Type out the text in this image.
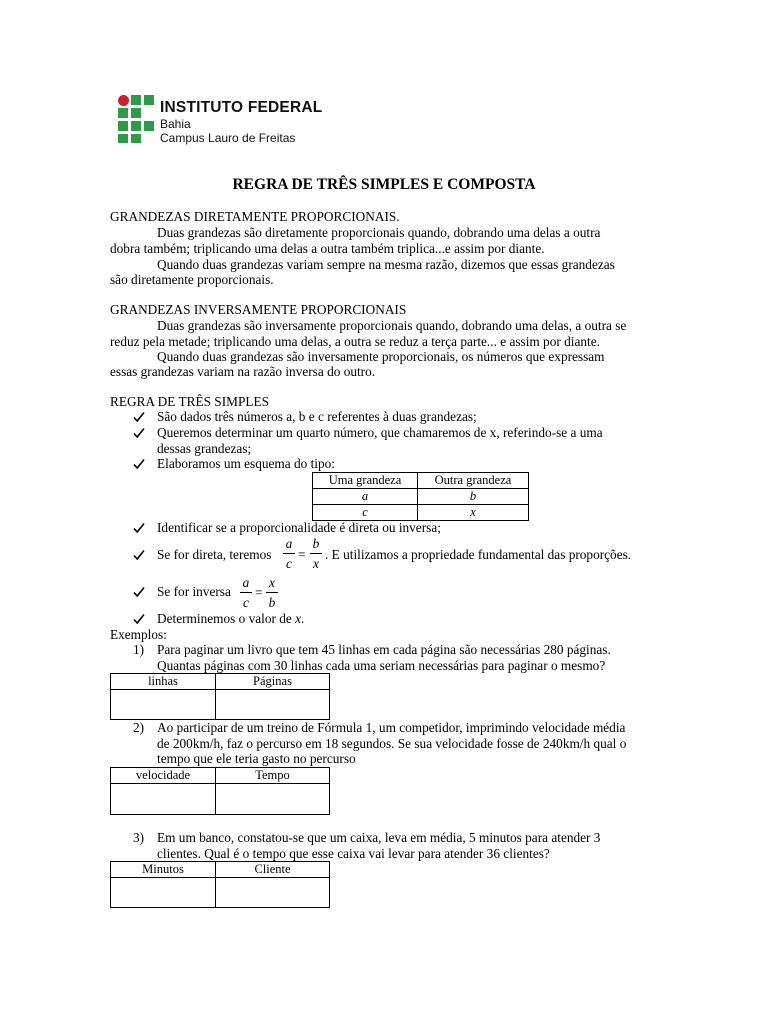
INSTITUTO FEDERAL
Bahia
Campus Lauro de Freitas
REGRA DE TRÊS SIMPLES E COMPOSTA
GRANDEZAS DIRETAMENTE PROPORCIONAIS.
Duas grandezas são diretamente proporcionais quando, dobrando uma delas a outra
dobra também; triplicando uma delas a outra também triplica...e assim por diante.
Quando duas grandezas variam sempre na mesma razão, dizemos que essas grandezas
são diretamente proporcionais.
GRANDEZAS INVERSAMENTE PROPORCIONAIS
Duas grandezas são inversamente proporcionais quando, dobrando uma delas, a outra se
reduz pela metade; triplicando uma delas, a outra se reduz a terça parte... e assim por diante.
Quando duas grandezas são inversamente proporcionais, os números que expressam
essas grandezas variam na razão inversa do outro.
REGRA DE TRÊS SIMPLES
São dados três números a, b e c referentes à duas grandezas;
Queremos determinar um quarto número, que chamaremos de x, referindo-se a uma
dessas grandezas;
Elaboramos um esquema do tipo:
Uma grandeza	Outra grandeza
a	b
c	x
Identificar se a proporcionalidade é direta ou inversa;
Se for direta, teremos
a
c
=
b
x
. E utilizamos a propriedade fundamental das proporções.
Se for inversa
a
c
=
x
b
Determinemos o valor de x.
Exemplos:
1) Para paginar um livro que tem 45 linhas em cada página são necessárias 280 páginas.
Quantas páginas com 30 linhas cada uma seriam necessárias para paginar o mesmo?
linhas	Páginas

2) Ao participar de um treino de Fórmula 1, um competidor, imprimindo velocidade média
de 200km/h, faz o percurso em 18 segundos. Se sua velocidade fosse de 240km/h qual o
tempo que ele teria gasto no percurso
velocidade	Tempo

3) Em um banco, constatou-se que um caixa, leva em média, 5 minutos para atender 3
clientes. Qual é o tempo que esse caixa vai levar para atender 36 clientes?
Minutos	Cliente
